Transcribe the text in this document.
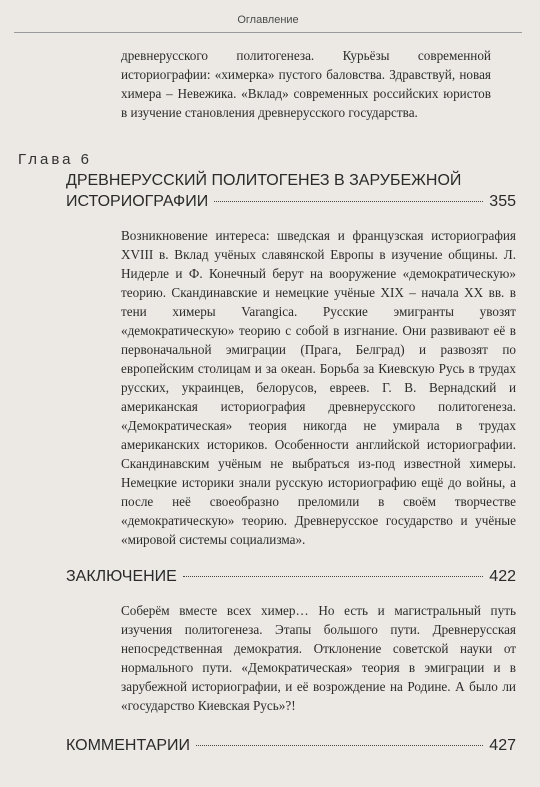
Оглавление

древнерусского политогенеза. Курьёзы современной историографии: «химерка» пустого баловства. Здравствуй, новая химера – Невежика. «Вклад» современных российских юристов в изучение становления древнерусского государства.

Глава 6
ДРЕВНЕРУССКИЙ ПОЛИТОГЕНЕЗ В ЗАРУБЕЖНОЙ
ИСТОРИОГРАФИИ	355

Возникновение интереса: шведская и французская историография XVIII в. Вклад учёных славянской Европы в изучение общины. Л. Нидерле и Ф. Конечный берут на вооружение «демократическую» теорию. Скандинавские и немецкие учёные XIX – начала XX вв. в тени химеры Varangica. Русские эмигранты увозят «демократическую» теорию с собой в изгнание. Они развивают её в первоначальной эмиграции (Прага, Белград) и развозят по европейским столицам и за океан. Борьба за Киевскую Русь в трудах русских, украинцев, белорусов, евреев. Г. В. Вернадский и американская историография древнерусского политогенеза. «Демократическая» теория никогда не умирала в трудах американских историков. Особенности английской историографии. Скандинавским учёным не выбраться из-под известной химеры. Немецкие историки знали русскую историографию ещё до войны, а после неё своеобразно преломили в своём творчестве «демократическую» теорию. Древнерусское государство и учёные «мировой системы социализма».

ЗАКЛЮЧЕНИЕ	422

Соберём вместе всех химер… Но есть и магистральный путь изучения политогенеза. Этапы большого пути. Древнерусская непосредственная демократия. Отклонение советской науки от нормального пути. «Демократическая» теория в эмиграции и в зарубежной историографии, и её возрождение на Родине. А было ли «государство Киевская Русь»?!

КОММЕНТАРИИ	427
